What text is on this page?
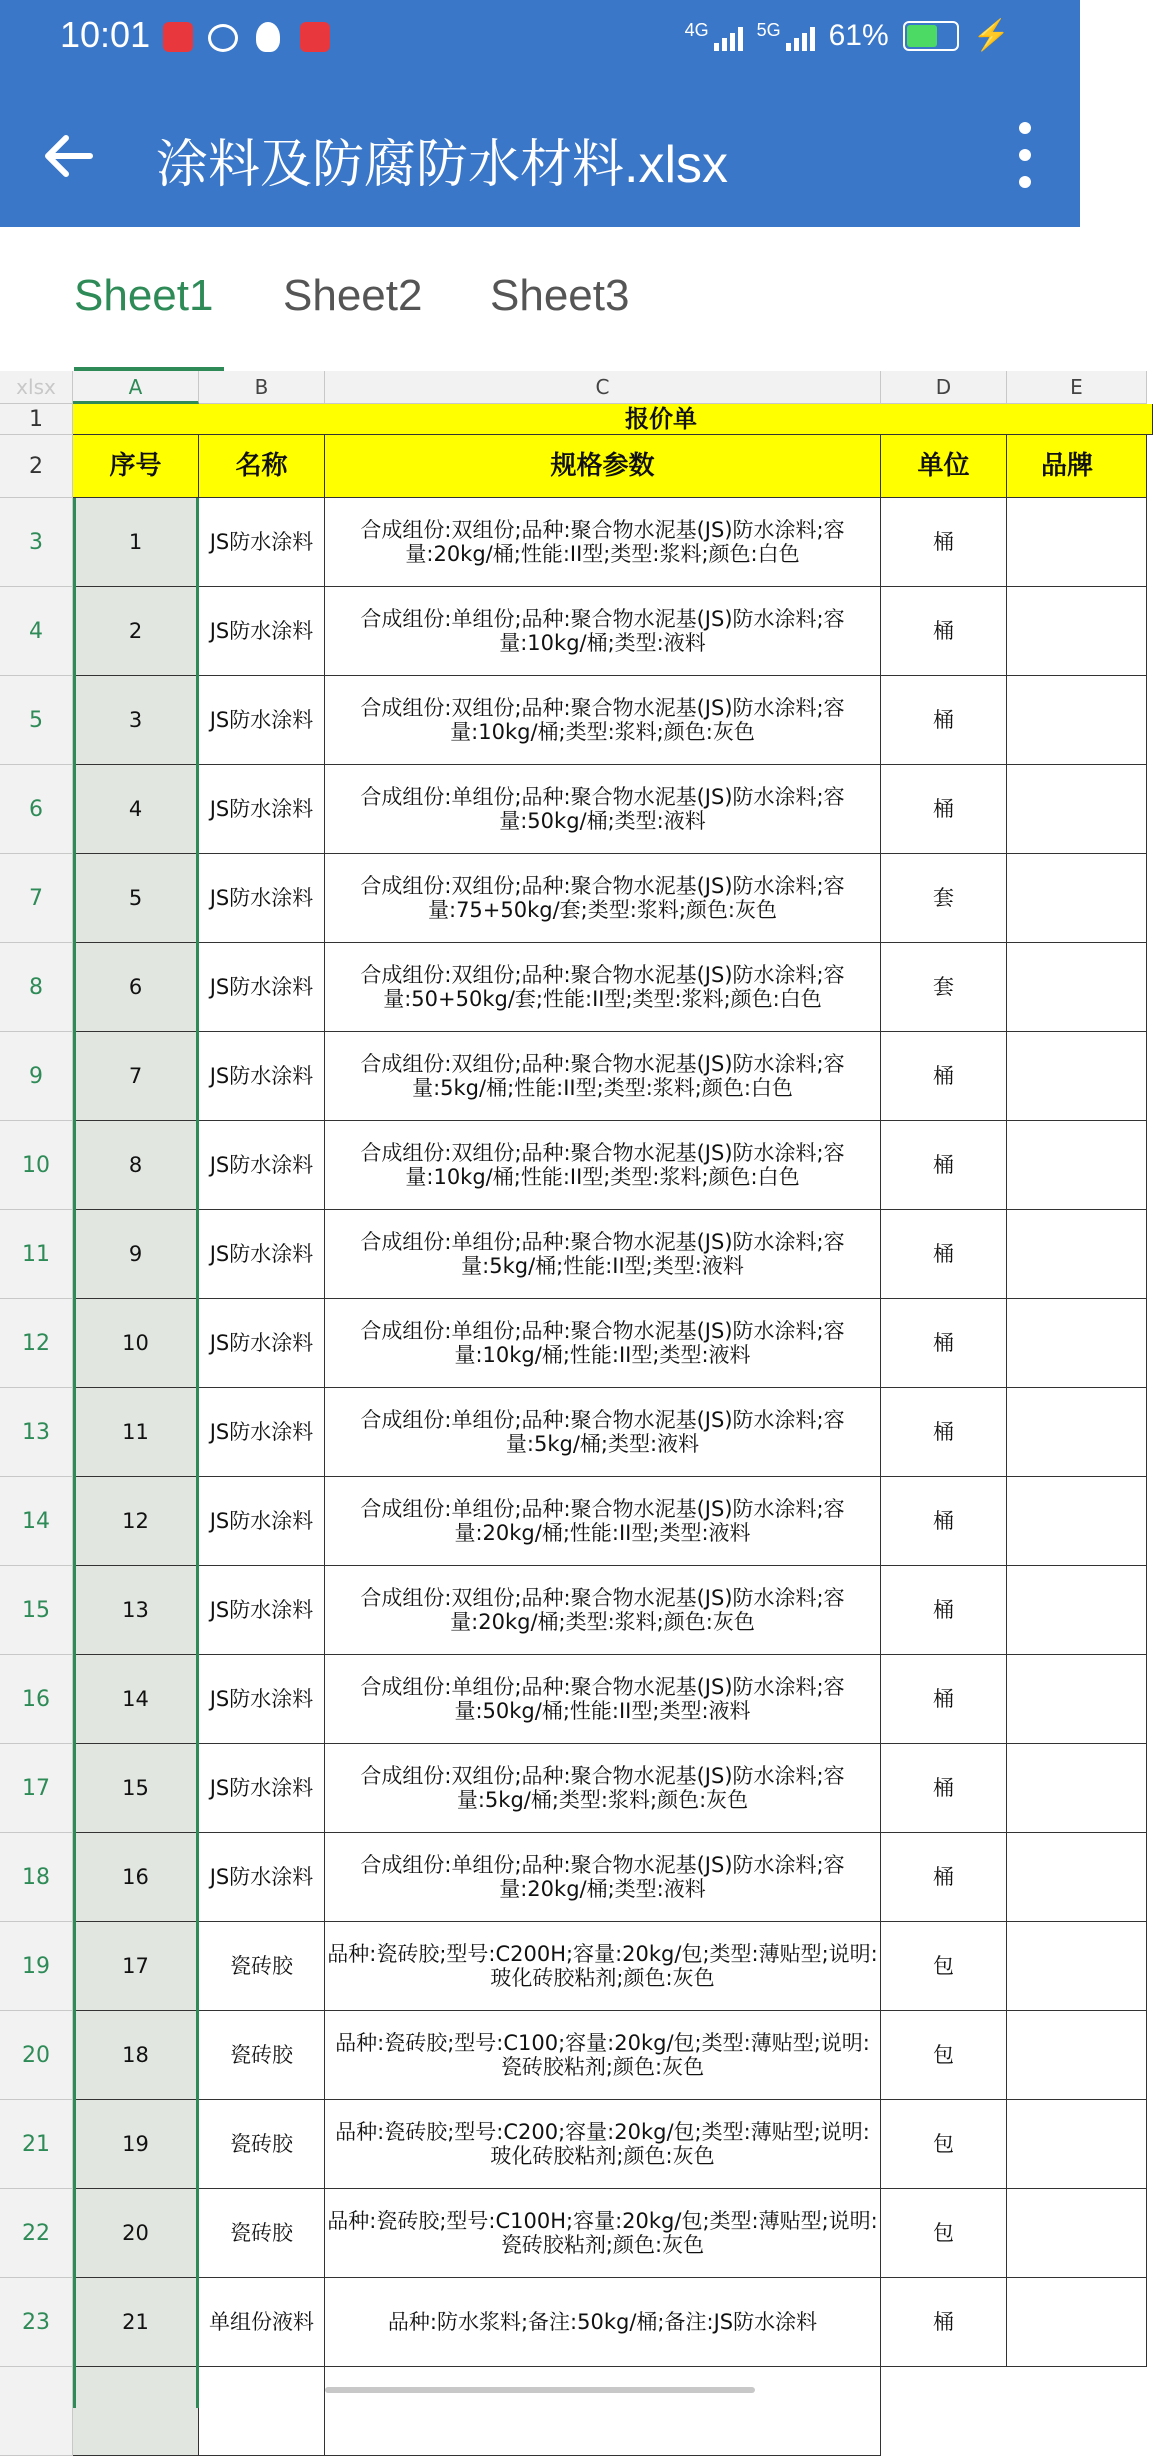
10:01	4G	5G 61%	⚡
涂料及防腐防水材料.xlsx
Sheet1 Sheet2 Sheet3
xlsx	A	B	C	D	E
1	报价单
2	序号	名称	规格参数	单位	品牌
3	1	JS防水涂料	合成组份:双组份;品种:聚合物水泥基(JS)防水涂料;容量:20kg/桶;性能:II型;类型:浆料;颜色:白色	桶
4	2	JS防水涂料	合成组份:单组份;品种:聚合物水泥基(JS)防水涂料;容量:10kg/桶;类型:液料	桶
5	3	JS防水涂料	合成组份:双组份;品种:聚合物水泥基(JS)防水涂料;容量:10kg/桶;类型:浆料;颜色:灰色	桶
6	4	JS防水涂料	合成组份:单组份;品种:聚合物水泥基(JS)防水涂料;容量:50kg/桶;类型:液料	桶
7	5	JS防水涂料	合成组份:双组份;品种:聚合物水泥基(JS)防水涂料;容量:75+50kg/套;类型:浆料;颜色:灰色	套
8	6	JS防水涂料	合成组份:双组份;品种:聚合物水泥基(JS)防水涂料;容量:50+50kg/套;性能:II型;类型:浆料;颜色:白色	套
9	7	JS防水涂料	合成组份:双组份;品种:聚合物水泥基(JS)防水涂料;容量:5kg/桶;性能:II型;类型:浆料;颜色:白色	桶
10	8	JS防水涂料	合成组份:双组份;品种:聚合物水泥基(JS)防水涂料;容量:10kg/桶;性能:II型;类型:浆料;颜色:白色	桶
11	9	JS防水涂料	合成组份:单组份;品种:聚合物水泥基(JS)防水涂料;容量:5kg/桶;性能:II型;类型:液料	桶
12	10	JS防水涂料	合成组份:单组份;品种:聚合物水泥基(JS)防水涂料;容量:10kg/桶;性能:II型;类型:液料	桶
13	11	JS防水涂料	合成组份:单组份;品种:聚合物水泥基(JS)防水涂料;容量:5kg/桶;类型:液料	桶
14	12	JS防水涂料	合成组份:单组份;品种:聚合物水泥基(JS)防水涂料;容量:20kg/桶;性能:II型;类型:液料	桶
15	13	JS防水涂料	合成组份:双组份;品种:聚合物水泥基(JS)防水涂料;容量:20kg/桶;类型:浆料;颜色:灰色	桶
16	14	JS防水涂料	合成组份:单组份;品种:聚合物水泥基(JS)防水涂料;容量:50kg/桶;性能:II型;类型:液料	桶
17	15	JS防水涂料	合成组份:双组份;品种:聚合物水泥基(JS)防水涂料;容量:5kg/桶;类型:浆料;颜色:灰色	桶
18	16	JS防水涂料	合成组份:单组份;品种:聚合物水泥基(JS)防水涂料;容量:20kg/桶;类型:液料	桶
19	17	瓷砖胶	品种:瓷砖胶;型号:C200H;容量:20kg/包;类型:薄贴型;说明:玻化砖胶粘剂;颜色:灰色	包
20	18	瓷砖胶	品种:瓷砖胶;型号:C100;容量:20kg/包;类型:薄贴型;说明:瓷砖胶粘剂;颜色:灰色	包
21	19	瓷砖胶	品种:瓷砖胶;型号:C200;容量:20kg/包;类型:薄贴型;说明:玻化砖胶粘剂;颜色:灰色	包
22	20	瓷砖胶	品种:瓷砖胶;型号:C100H;容量:20kg/包;类型:薄贴型;说明:瓷砖胶粘剂;颜色:灰色	包
23	21	单组份液料	品种:防水浆料;备注:50kg/桶;备注:JS防水涂料	桶
